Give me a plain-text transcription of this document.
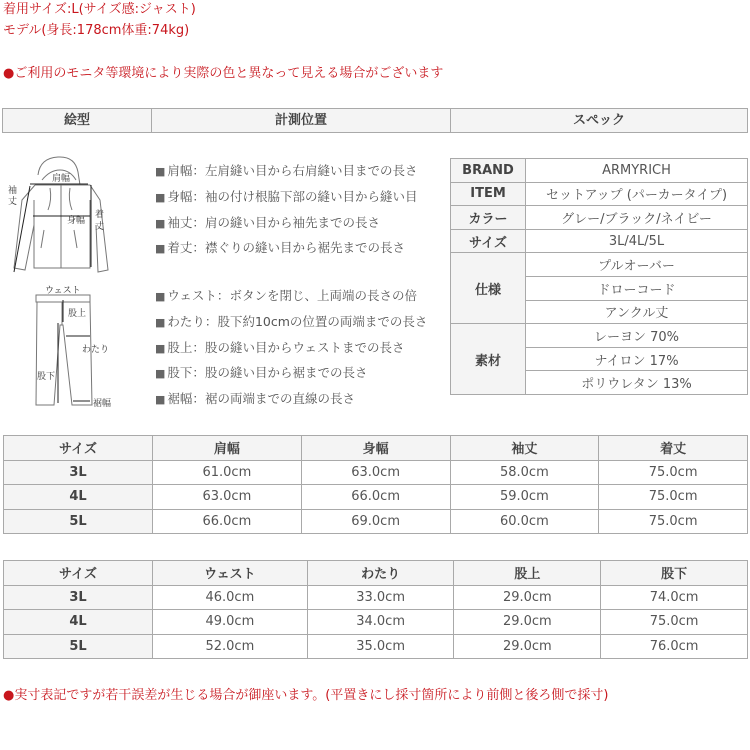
着用サイズ:L(サイズ感:ジャスト)
モデル(身長:178cm体重:74kg)
●ご利用のモニタ等環境により実際の色と異なって見える場合がございます
絵型	計測位置	スペック
肩幅
袖
丈
身幅
着
丈
ウェスト
股上
わたり
股下
裾幅
■ 肩幅：左肩縫い目から右肩縫い目までの長さ
■ 身幅：袖の付け根脇下部の縫い目から縫い目
■ 袖丈：肩の縫い目から袖先までの長さ
■ 着丈：襟ぐりの縫い目から裾先までの長さ
■ ウェスト：ボタンを閉じ、上両端の長さの倍
■ わたり：股下約10cmの位置の両端までの長さ
■ 股上：股の縫い目からウェストまでの長さ
■ 股下：股の縫い目から裾までの長さ
■ 裾幅：裾の両端までの直線の長さ
BRAND	ARMYRICH
ITEM	セットアップ (パーカータイプ)
カラー	グレー/ブラック/ネイビー
サイズ	3L/4L/5L
仕様	プルオーバー
	ドローコード
	アンクル丈
素材	レーヨン 70%
	ナイロン 17%
	ポリウレタン 13%
サイズ	肩幅	身幅	袖丈	着丈
3L	61.0cm	63.0cm	58.0cm	75.0cm
4L	63.0cm	66.0cm	59.0cm	75.0cm
5L	66.0cm	69.0cm	60.0cm	75.0cm
サイズ	ウェスト	わたり	股上	股下
3L	46.0cm	33.0cm	29.0cm	74.0cm
4L	49.0cm	34.0cm	29.0cm	75.0cm
5L	52.0cm	35.0cm	29.0cm	76.0cm
●実寸表記ですが若干誤差が生じる場合が御座います。(平置きにし採寸箇所により前側と後ろ側で採寸)
